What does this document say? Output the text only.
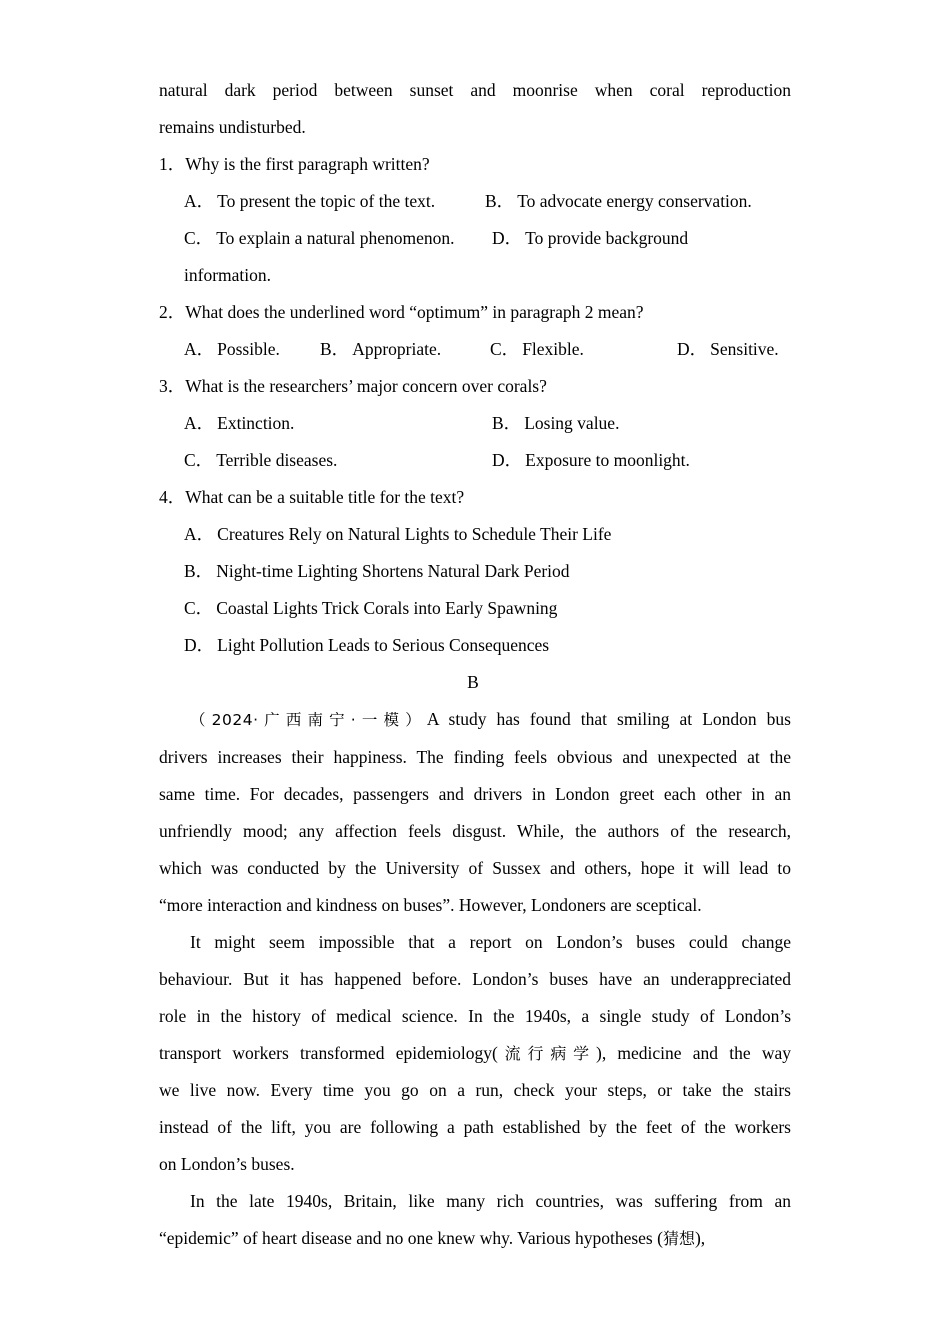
natural dark period between sunset and moonrise when coral reproduction
remains undisturbed.
1．Why is the first paragraph written?
A． To present the topic of the text.	B． To advocate energy conservation.
C． To explain a natural phenomenon. D． To provide background
information.
2．What does the underlined word “optimum” in paragraph 2 mean?
A． Possible. B． Appropriate.	C． Flexible.	D． Sensitive.
3．What is the researchers’ major concern over corals?
A． Extinction.	B． Losing value.
C． Terrible diseases.	D． Exposure to moonlight.
4．What can be a suitable title for the text?
A． Creatures Rely on Natural Lights to Schedule Their Life
B． Night-time Lighting Shortens Natural Dark Period
C． Coastal Lights Trick Corals into Early Spawning
D． Light Pollution Leads to Serious Consequences
B
（2024·广西南宁·一模）A study has found that smiling at London bus
drivers increases their happiness. The finding feels obvious and unexpected at the
same time. For decades, passengers and drivers in London greet each other in an
unfriendly mood; any affection feels disgust. While, the authors of the research,
which was conducted by the University of Sussex and others, hope it will lead to
“more interaction and kindness on buses”. However, Londoners are sceptical.
It might seem impossible that a report on London’s buses could change
behaviour. But it has happened before. London’s buses have an underappreciated
role in the history of medical science. In the 1940s, a single study of London’s
transport workers transformed epidemiology(流行病学), medicine and the way
we live now. Every time you go on a run, check your steps, or take the stairs
instead of the lift, you are following a path established by the feet of the workers
on London’s buses.
In the late 1940s, Britain, like many rich countries, was suffering from an
“epidemic” of heart disease and no one knew why. Various hypotheses (猜想),
